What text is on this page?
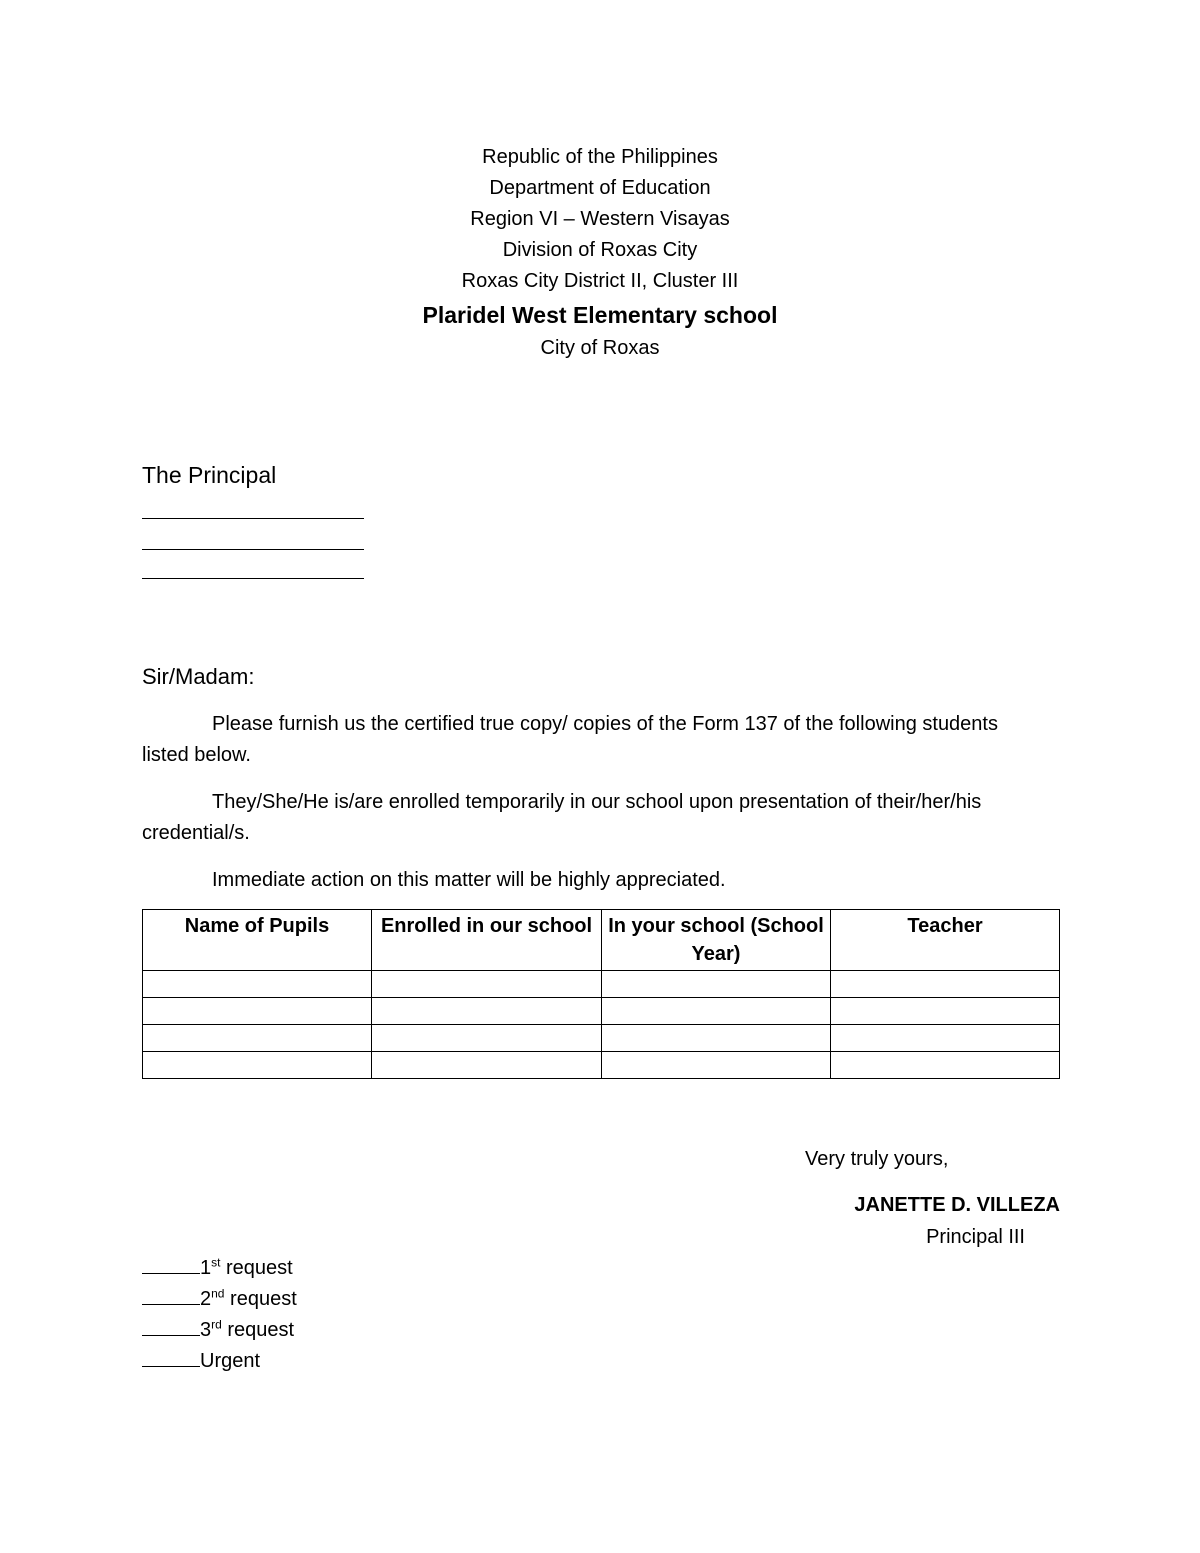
Republic of the Philippines
Department of Education
Region VI – Western Visayas
Division of Roxas City
Roxas City District II, Cluster III
Plaridel West Elementary school
City of Roxas
The Principal
Sir/Madam:
Please furnish us the certified true copy/ copies of the Form 137 of the following students listed below.
They/She/He is/are enrolled temporarily in our school upon presentation of their/her/his credential/s.
Immediate action on this matter will be highly appreciated.
Name of Pupils	Enrolled in our school	In your school (School Year)	Teacher

Very truly yours,
JANETTE D. VILLEZA
Principal III
1st request
2nd request
3rd request
Urgent
